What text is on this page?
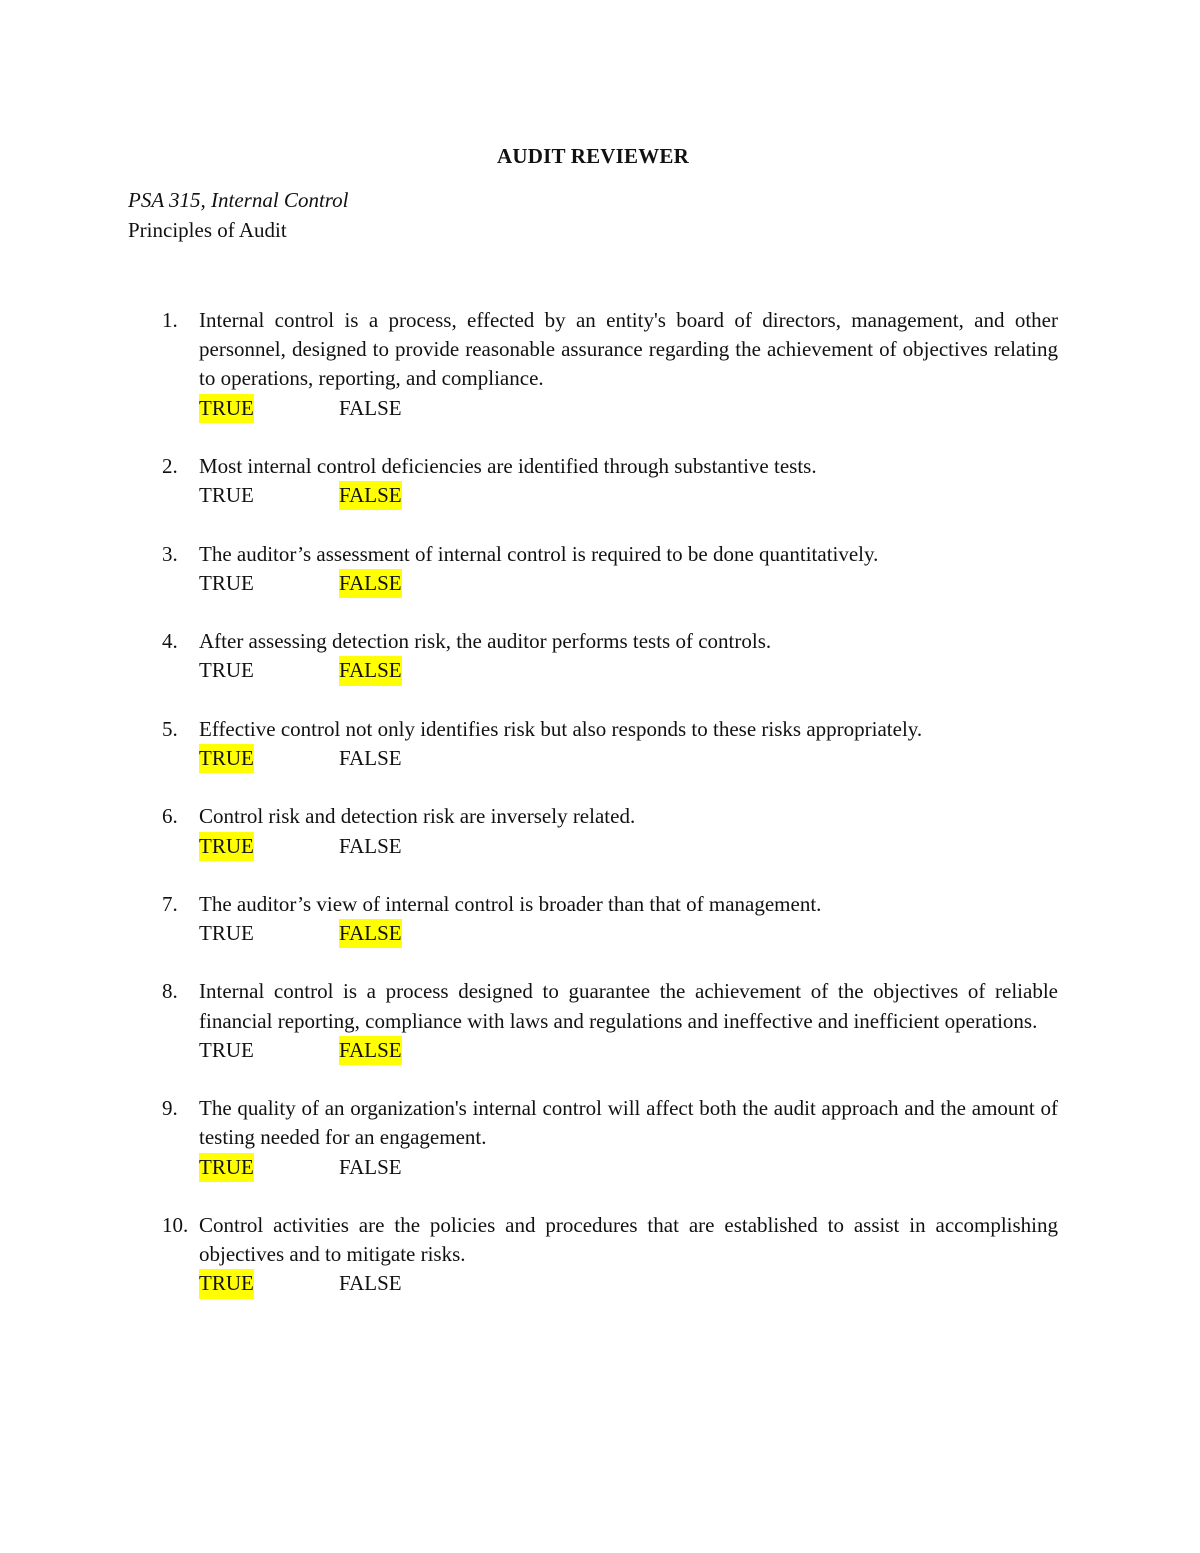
AUDIT REVIEWER
PSA 315, Internal Control
Principles of Audit
1.	Internal control is a process, effected by an entity's board of directors, management, and other personnel, designed to provide reasonable assurance regarding the achievement of objectives relating to operations, reporting, and compliance.
TRUE	FALSE
2.	Most internal control deficiencies are identified through substantive tests.
TRUE	FALSE
3.	The auditor’s assessment of internal control is required to be done quantitatively.
TRUE	FALSE
4.	After assessing detection risk, the auditor performs tests of controls.
TRUE	FALSE
5.	Effective control not only identifies risk but also responds to these risks appropriately.
TRUE	FALSE
6.	Control risk and detection risk are inversely related.
TRUE	FALSE
7.	The auditor’s view of internal control is broader than that of management.
TRUE	FALSE
8.	Internal control is a process designed to guarantee the achievement of the objectives of reliable financial reporting, compliance with laws and regulations and ineffective and inefficient operations.
TRUE	FALSE
9.	The quality of an organization's internal control will affect both the audit approach and the amount of testing needed for an engagement.
TRUE	FALSE
10. Control activities are the policies and procedures that are established to assist in accomplishing objectives and to mitigate risks.
TRUE	FALSE
